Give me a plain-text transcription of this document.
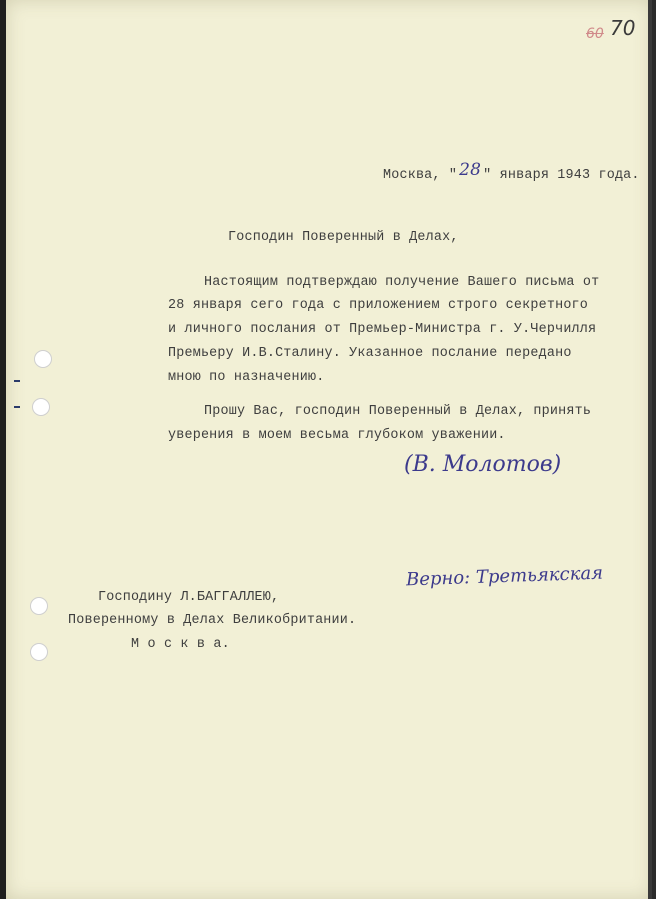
60 70
Москва, " 28 " января 1943 года.
Господин Поверенный в Делах,
Настоящим подтверждаю получение Вашего письма от
28 января сего года с приложением строго секретного
и личного послания от Премьер-Министра г. У.Черчилля
Премьеру И.В.Сталину. Указанное послание передано
мною по назначению.
Прошу Вас, господин Поверенный в Делах, принять
уверения в моем весьма глубоком уважении.
(В. Молотов)
Верно: Третьякская
Господину Л.БАГГАЛЛЕЮ,
Поверенному в Делах Великобритании.
М о с к в а.
